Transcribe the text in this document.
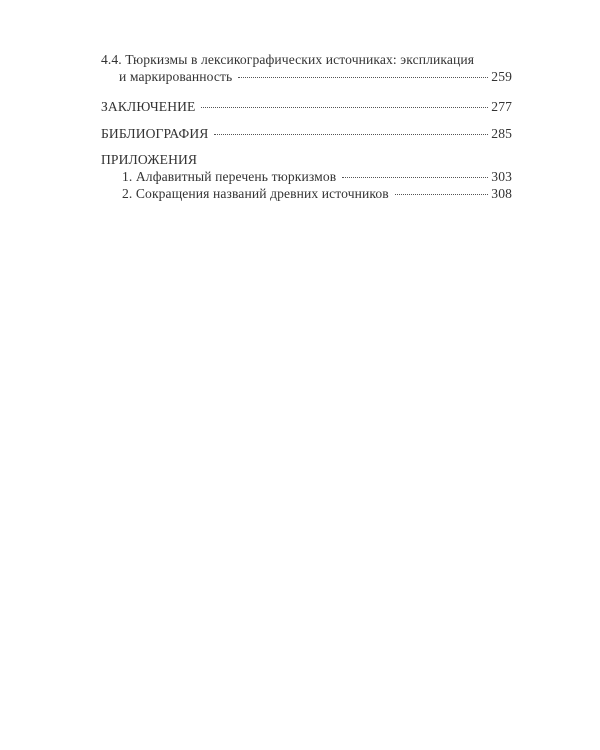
4.4. Тюркизмы в лексикографических источниках: экспликация
и маркированность	259
ЗАКЛЮЧЕНИЕ	277
БИБЛИОГРАФИЯ	285
ПРИЛОЖЕНИЯ
1. Алфавитный перечень тюркизмов	303
2. Сокращения названий древних источников	308
